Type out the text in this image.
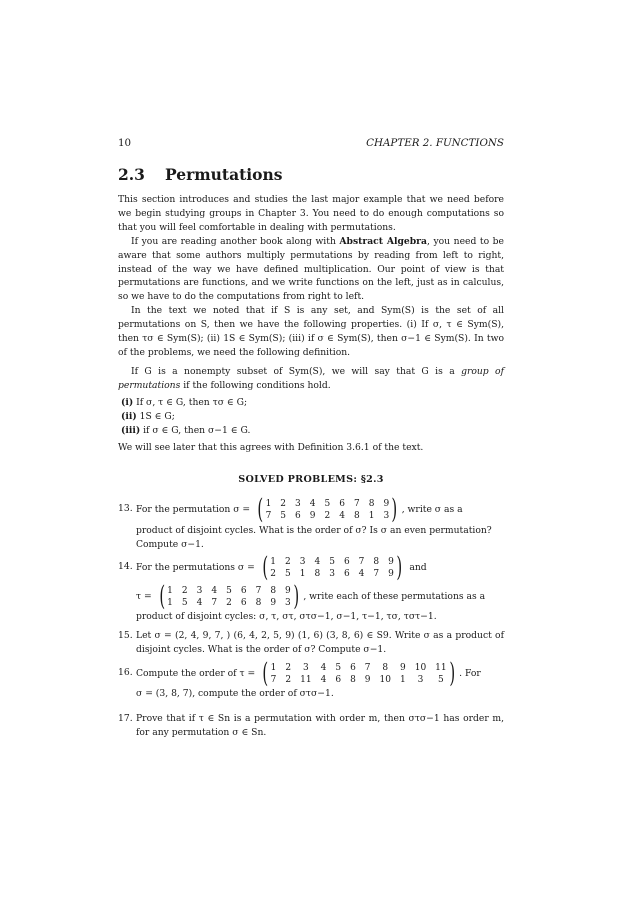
10	CHAPTER 2. FUNCTIONS
2.3 Permutations

This section introduces and studies the last major example that we need before we begin studying groups in Chapter 3. You need to do enough computations so that you will feel comfortable in dealing with permutations.

If you are reading another book along with Abstract Algebra, you need to be aware that some authors multiply permutations by reading from left to right, instead of the way we have defined multiplication. Our point of view is that permutations are functions, and we write functions on the left, just as in calculus, so we have to do the computations from right to left.

In the text we noted that if S is any set, and Sym(S) is the set of all permutations on S, then we have the following properties. (i) If σ, τ ∈ Sym(S), then τσ ∈ Sym(S); (ii) 1S ∈ Sym(S); (iii) if σ ∈ Sym(S), then σ−1 ∈ Sym(S). In two of the problems, we need the following definition.

If G is a nonempty subset of Sym(S), we will say that G is a group of permutations if the following conditions hold.

(i) If σ, τ ∈ G, then τσ ∈ G;
(ii) 1S ∈ G;
(iii) if σ ∈ G, then σ−1 ∈ G.

We will see later that this agrees with Definition 3.6.1 of the text.

SOLVED PROBLEMS: §2.3
13. For the permutation σ = ( 1 2 3 4 5 6 7 8 9
7 5 6 9 2 4 8 1 3 ) , write σ as a
product of disjoint cycles. What is the order of σ? Is σ an even permutation? Compute σ−1.
14. For the permutations σ = ( 1 2 3 4 5 6 7 8 9
2 5 1 8 3 6 4 7 9 ) and
τ = ( 1 2 3 4 5 6 7 8 9
1 5 4 7 2 6 8 9 3 ) , write each of these permutations as a
product of disjoint cycles: σ, τ, στ, στσ−1, σ−1, τ−1, τσ, τστ−1.
15. Let σ = (2, 4, 9, 7, ) (6, 4, 2, 5, 9) (1, 6) (3, 8, 6) ∈ S9. Write σ as a product of disjoint cycles. What is the order of σ? Compute σ−1.
16. Compute the order of τ = ( 1 2	3	4 5 6 7	8	9 10 11
7 2 11 4 6 8 9 10 1	3	5 ) . For
σ = (3, 8, 7), compute the order of στσ−1.
17. Prove that if τ ∈ Sn is a permutation with order m, then στσ−1 has order m, for any permutation σ ∈ Sn.
